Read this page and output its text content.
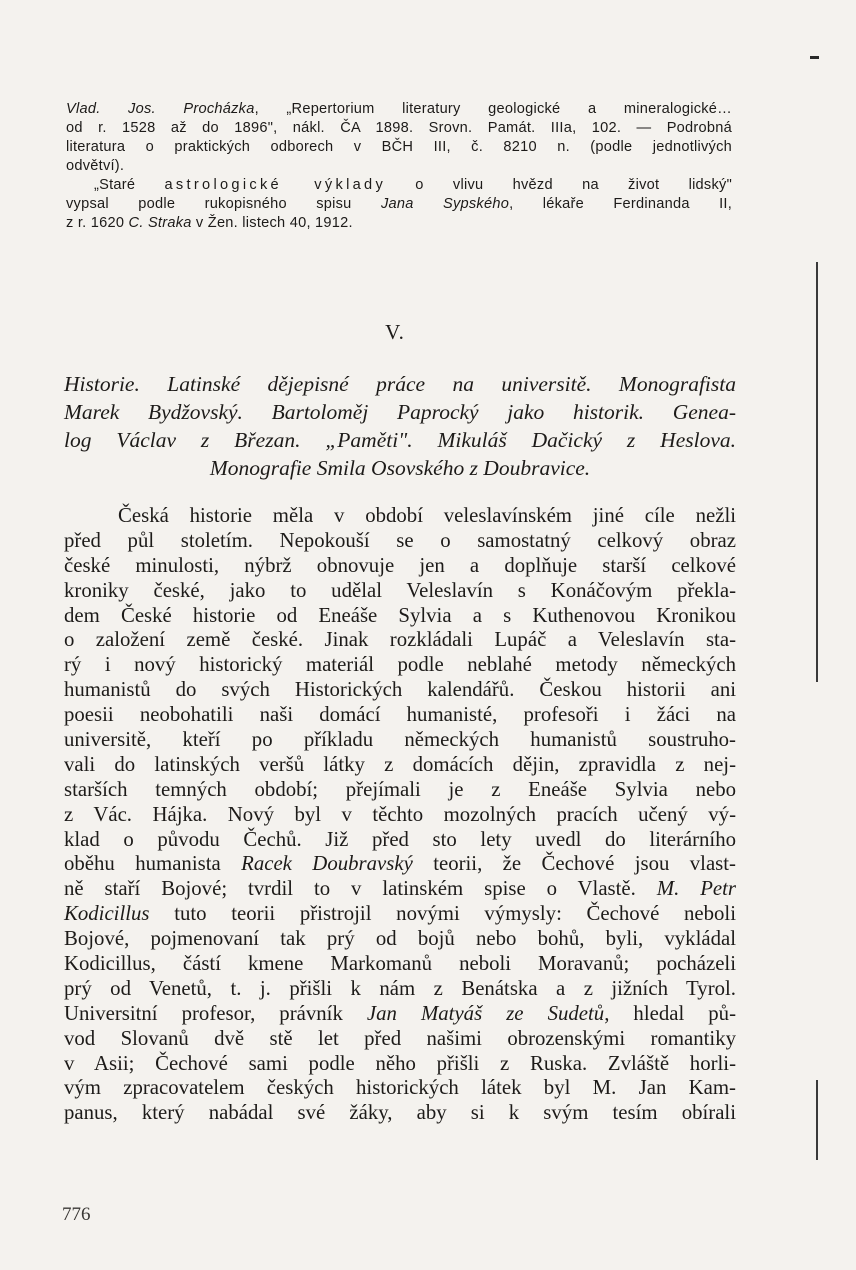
Vlad. Jos. Procházka, „Repertorium literatury geologické a mineralogické…
od r. 1528 až do 1896", nákl. ČA 1898. Srovn. Památ. IIIa, 102. — Podrobná
literatura o praktických odborech v BČH III, č. 8210 n. (podle jednotlivých
odvětví).
„Staré astrologické výklady o vlivu hvězd na život lidský"
vypsal podle rukopisného spisu Jana Sypského, lékaře Ferdinanda II,
z r. 1620 C. Straka v Žen. listech 40, 1912.
V.
Historie. Latinské dějepisné práce na universitě. Monografista
Marek Bydžovský. Bartoloměj Paprocký jako historik. Genea-
log Václav z Březan. „Paměti". Mikuláš Dačický z Heslova.
Monografie Smila Osovského z Doubravice.
Česká historie měla v období veleslavínském jiné cíle nežli
před půl stoletím. Nepokouší se o samostatný celkový obraz
české minulosti, nýbrž obnovuje jen a doplňuje starší celkové
kroniky české, jako to udělal Veleslavín s Konáčovým překla-
dem České historie od Eneáše Sylvia a s Kuthenovou Kronikou
o založení země české. Jinak rozkládali Lupáč a Veleslavín sta-
rý i nový historický materiál podle neblahé metody německých
humanistů do svých Historických kalendářů. Českou historii ani
poesii neobohatili naši domácí humanisté, profesoři i žáci na
universitě, kteří po příkladu německých humanistů soustruho-
vali do latinských veršů látky z domácích dějin, zpravidla z nej-
starších temných období; přejímali je z Eneáše Sylvia nebo
z Vác. Hájka. Nový byl v těchto mozolných pracích učený vý-
klad o původu Čechů. Již před sto lety uvedl do literárního
oběhu humanista Racek Doubravský teorii, že Čechové jsou vlast-
ně staří Bojové; tvrdil to v latinském spise o Vlastě. M. Petr
Kodicillus tuto teorii přistrojil novými výmysly: Čechové neboli
Bojové, pojmenovaní tak prý od bojů nebo bohů, byli, vykládal
Kodicillus, částí kmene Markomanů neboli Moravanů; pocházeli
prý od Venetů, t. j. přišli k nám z Benátska a z jižních Tyrol.
Universitní profesor, právník Jan Matyáš ze Sudetů, hledal pů-
vod Slovanů dvě stě let před našimi obrozenskými romantiky
v Asii; Čechové sami podle něho přišli z Ruska. Zvláště horli-
vým zpracovatelem českých historických látek byl M. Jan Kam-
panus, který nabádal své žáky, aby si k svým tesím obírali
776
